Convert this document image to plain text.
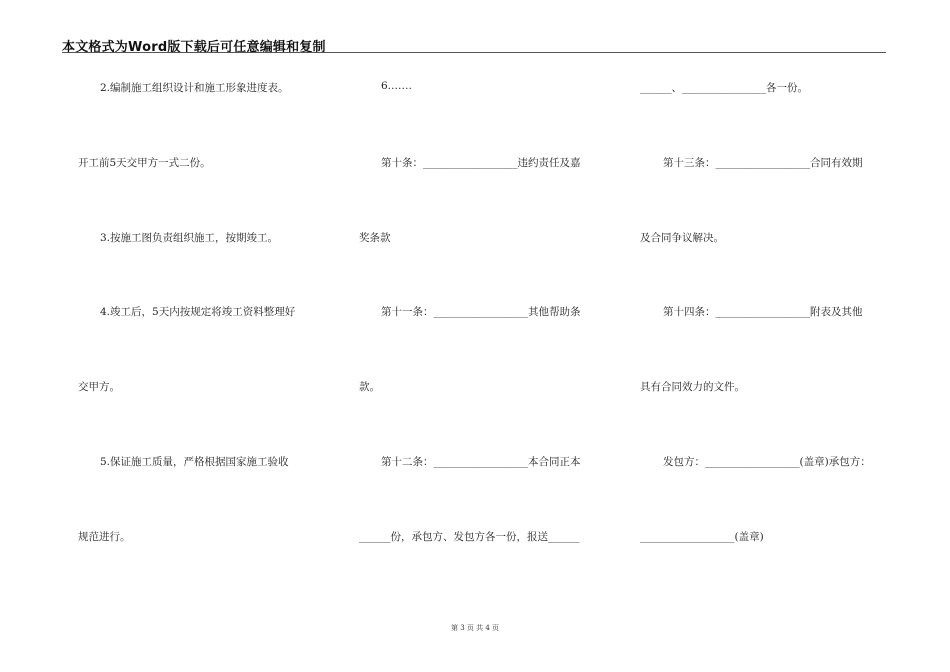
本文格式为Word版下载后可任意编辑和复制
2.编制施工组织设计和施工形象进度表。
开工前5天交甲方一式二份。
3.按施工图负责组织施工，按期竣工。
4.竣工后，5天内按规定将竣工资料整理好
交甲方。
5.保证施工质量，严格根据国家施工验收
规范进行。
6.……
第十条：__________________违约责任及嘉
奖条款
第十一条：__________________其他帮助条
款。
第十二条：__________________本合同正本
______份，承包方、发包方各一份，报送______
______、________________各一份。
第十三条：__________________合同有效期
及合同争议解决。
第十四条：__________________附表及其他
具有合同效力的文件。
发包方：__________________(盖章)承包方：
__________________(盖章)
第 3 页 共 4 页
